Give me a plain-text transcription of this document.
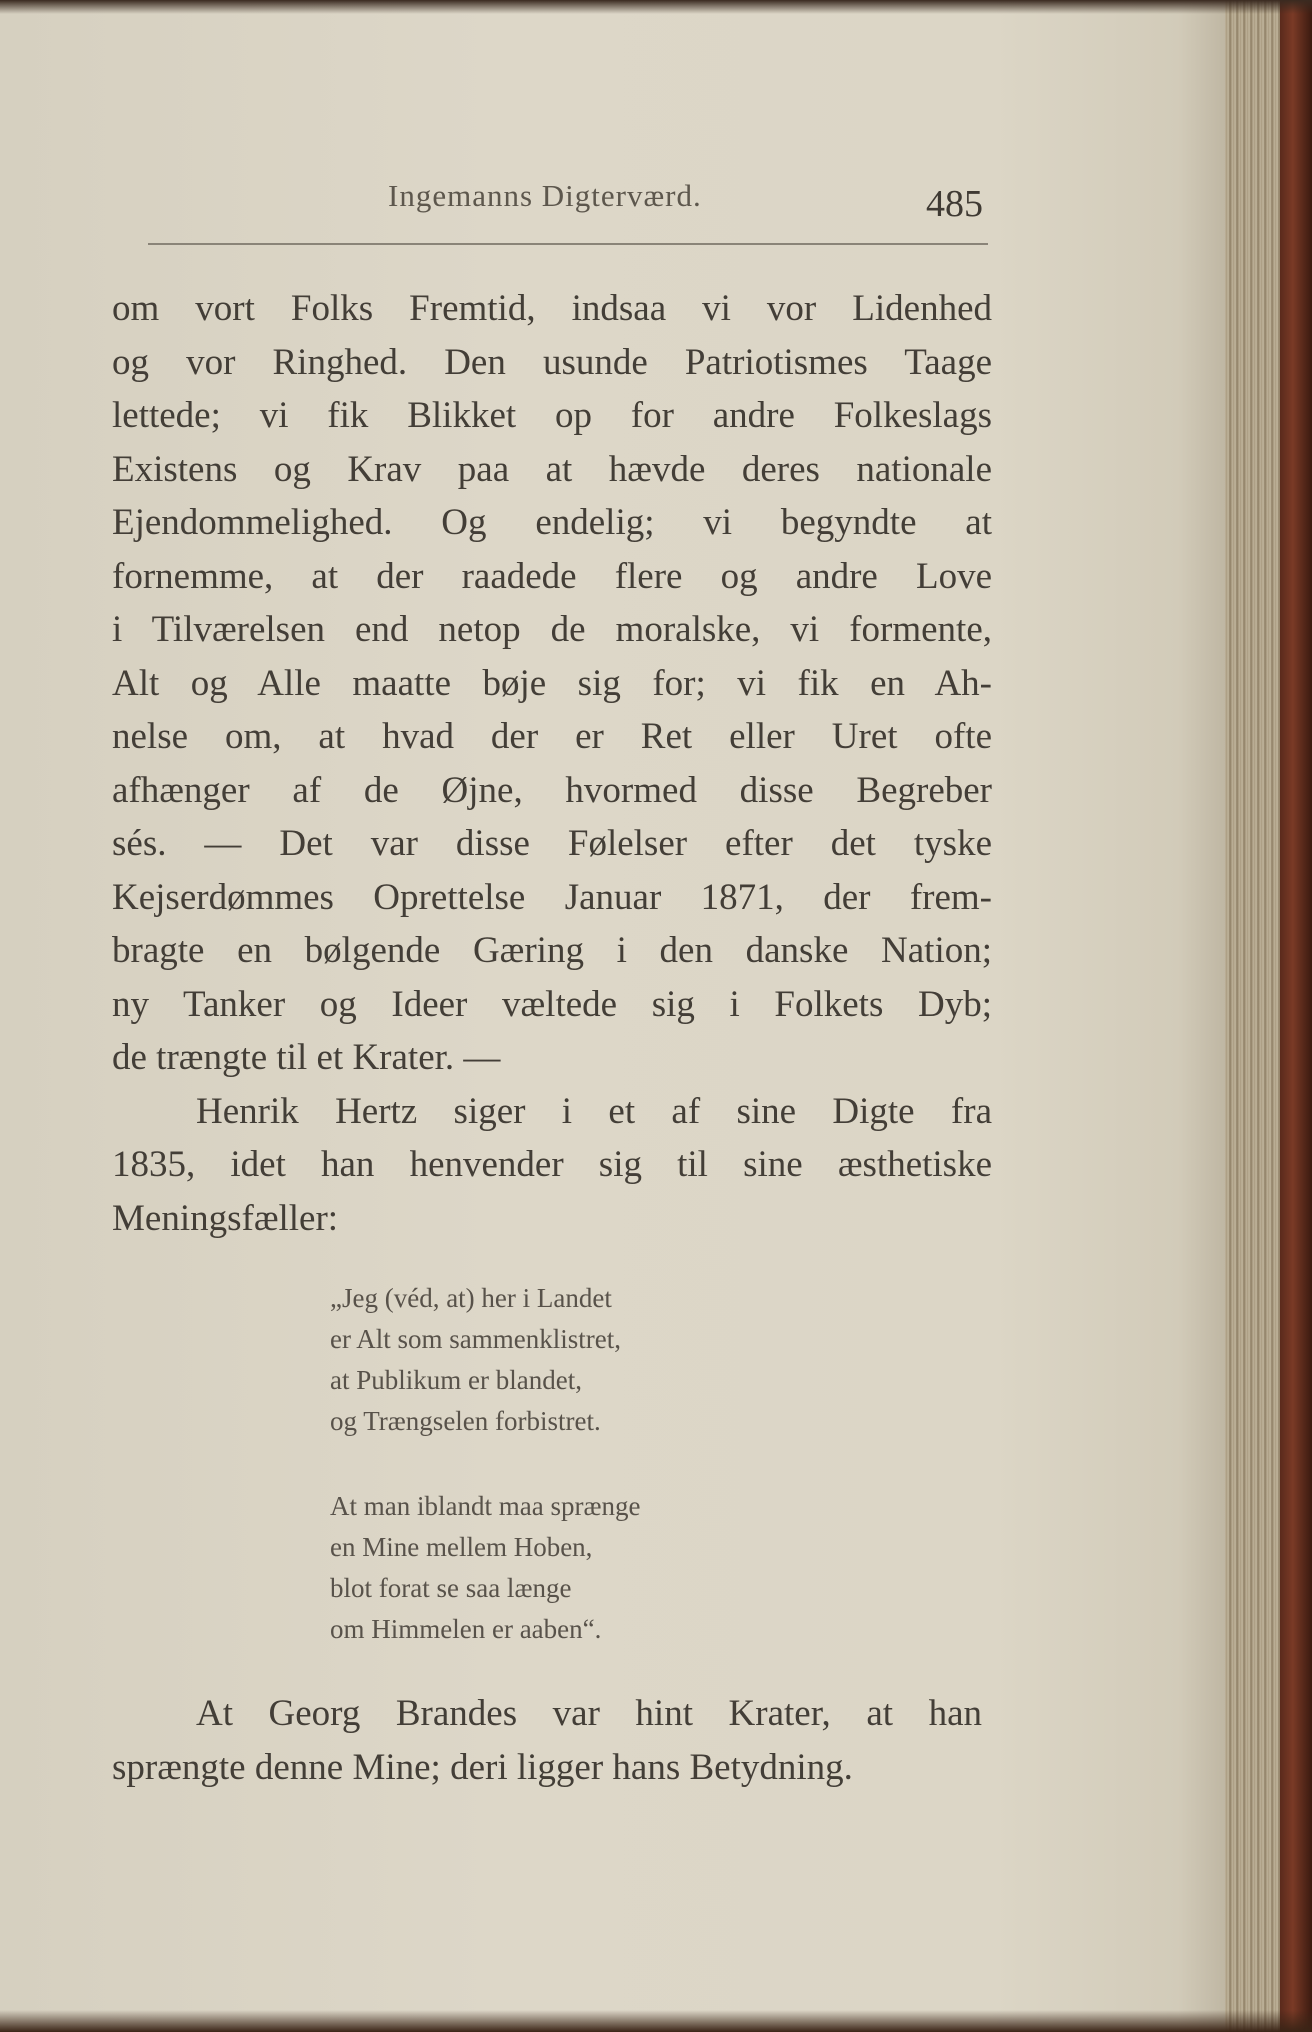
Ingemanns Digterværd.	485
om vort Folks Fremtid, indsaa vi vor Lidenhed
og vor Ringhed. Den usunde Patriotismes Taage
lettede; vi fik Blikket op for andre Folkeslags
Existens og Krav paa at hævde deres nationale
Ejendommelighed. Og endelig; vi begyndte at
fornemme, at der raadede flere og andre Love
i Tilværelsen end netop de moralske, vi formente,
Alt og Alle maatte bøje sig for; vi fik en Ah-
nelse om, at hvad der er Ret eller Uret ofte
afhænger af de Øjne, hvormed disse Begreber
sés. — Det var disse Følelser efter det tyske
Kejserdømmes Oprettelse Januar 1871, der frem-
bragte en bølgende Gæring i den danske Nation;
ny Tanker og Ideer væltede sig i Folkets Dyb;
de trængte til et Krater. —
Henrik Hertz siger i et af sine Digte fra
1835, idet han henvender sig til sine æsthetiske
Meningsfæller:
„Jeg (véd, at) her i Landet
er Alt som sammenklistret,
at Publikum er blandet,
og Trængselen forbistret.
At man iblandt maa sprænge
en Mine mellem Hoben,
blot forat se saa længe
om Himmelen er aaben“.
At Georg Brandes var hint Krater, at han
sprængte denne Mine; deri ligger hans Betydning.
